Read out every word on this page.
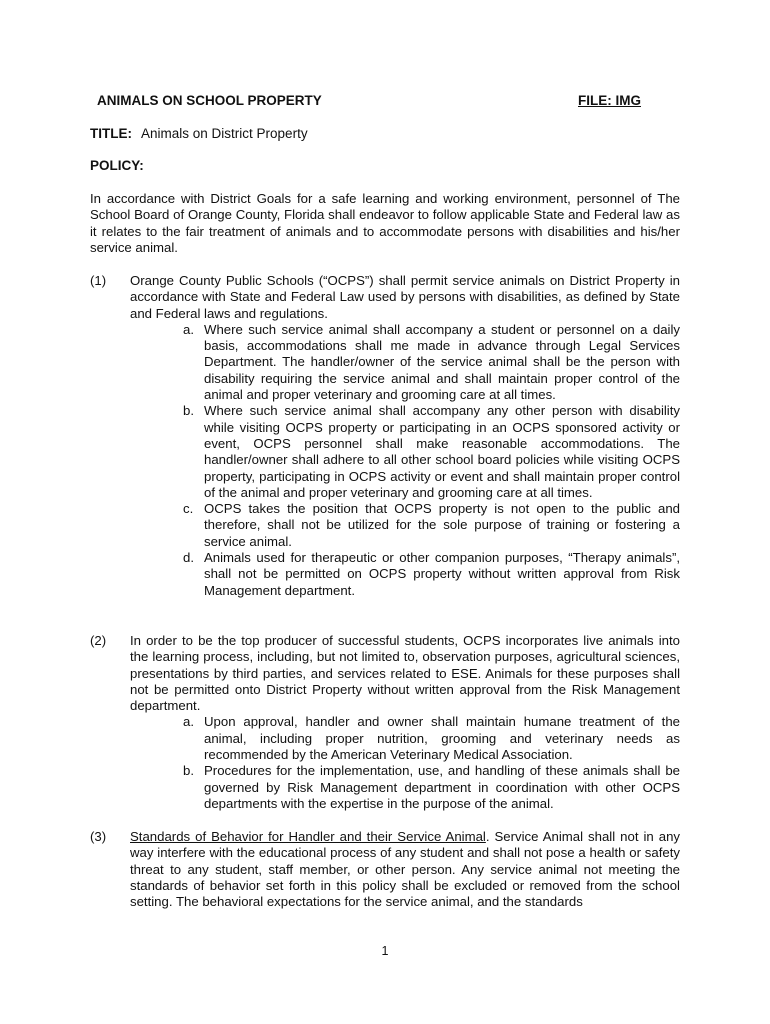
ANIMALS ON SCHOOL PROPERTY	FILE: IMG
TITLE: Animals on District Property
POLICY:
In accordance with District Goals for a safe learning and working environment, personnel of The School Board of Orange County, Florida shall endeavor to follow applicable State and Federal law as it relates to the fair treatment of animals and to accommodate persons with disabilities and his/her service animal.
(1) Orange County Public Schools (“OCPS”) shall permit service animals on District Property in accordance with State and Federal Law used by persons with disabilities, as defined by State and Federal laws and regulations.
a. Where such service animal shall accompany a student or personnel on a daily basis, accommodations shall me made in advance through Legal Services Department. The handler/owner of the service animal shall be the person with disability requiring the service animal and shall maintain proper control of the animal and proper veterinary and grooming care at all times.
b. Where such service animal shall accompany any other person with disability while visiting OCPS property or participating in an OCPS sponsored activity or event, OCPS personnel shall make reasonable accommodations. The handler/owner shall adhere to all other school board policies while visiting OCPS property, participating in OCPS activity or event and shall maintain proper control of the animal and proper veterinary and grooming care at all times.
c. OCPS takes the position that OCPS property is not open to the public and therefore, shall not be utilized for the sole purpose of training or fostering a service animal.
d. Animals used for therapeutic or other companion purposes, “Therapy animals”, shall not be permitted on OCPS property without written approval from Risk Management department.
(2) In order to be the top producer of successful students, OCPS incorporates live animals into the learning process, including, but not limited to, observation purposes, agricultural sciences, presentations by third parties, and services related to ESE. Animals for these purposes shall not be permitted onto District Property without written approval from the Risk Management department.
a. Upon approval, handler and owner shall maintain humane treatment of the animal, including proper nutrition, grooming and veterinary needs as recommended by the American Veterinary Medical Association.
b. Procedures for the implementation, use, and handling of these animals shall be governed by Risk Management department in coordination with other OCPS departments with the expertise in the purpose of the animal.
(3) Standards of Behavior for Handler and their Service Animal. Service Animal shall not in any way interfere with the educational process of any student and shall not pose a health or safety threat to any student, staff member, or other person. Any service animal not meeting the standards of behavior set forth in this policy shall be excluded or removed from the school setting. The behavioral expectations for the service animal, and the standards
1
